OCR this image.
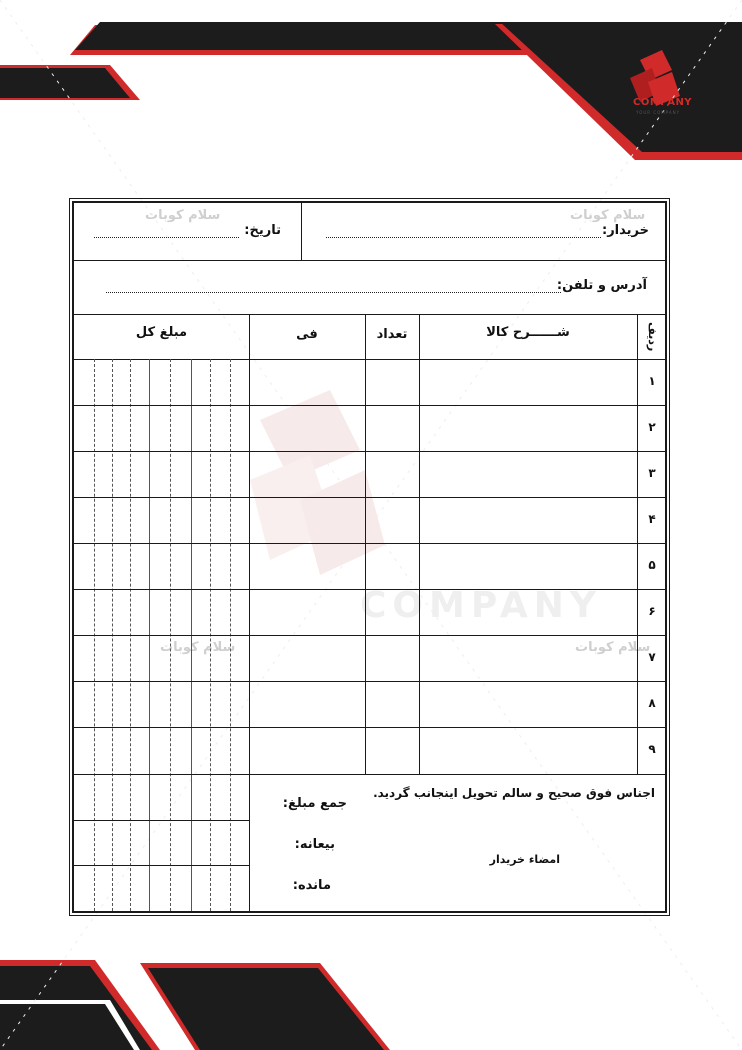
COMPANY
YOUR COMPANY
سلام کوبات	سلام کوبات
سلام کوبات	سلام کوبات
COMPANY
خریدار:
تاریخ:
آدرس و تلفن:
ردیف
شــــــرح کالا
تعداد
فی
مبلغ کل
۱
۲
۳
۴
۵
۶
۷
۸
۹
اجناس فوق صحیح و سالم تحویل اینجانب گردید.
امضاء خریدار
جمع مبلغ:
بیعانه:
مانده:
